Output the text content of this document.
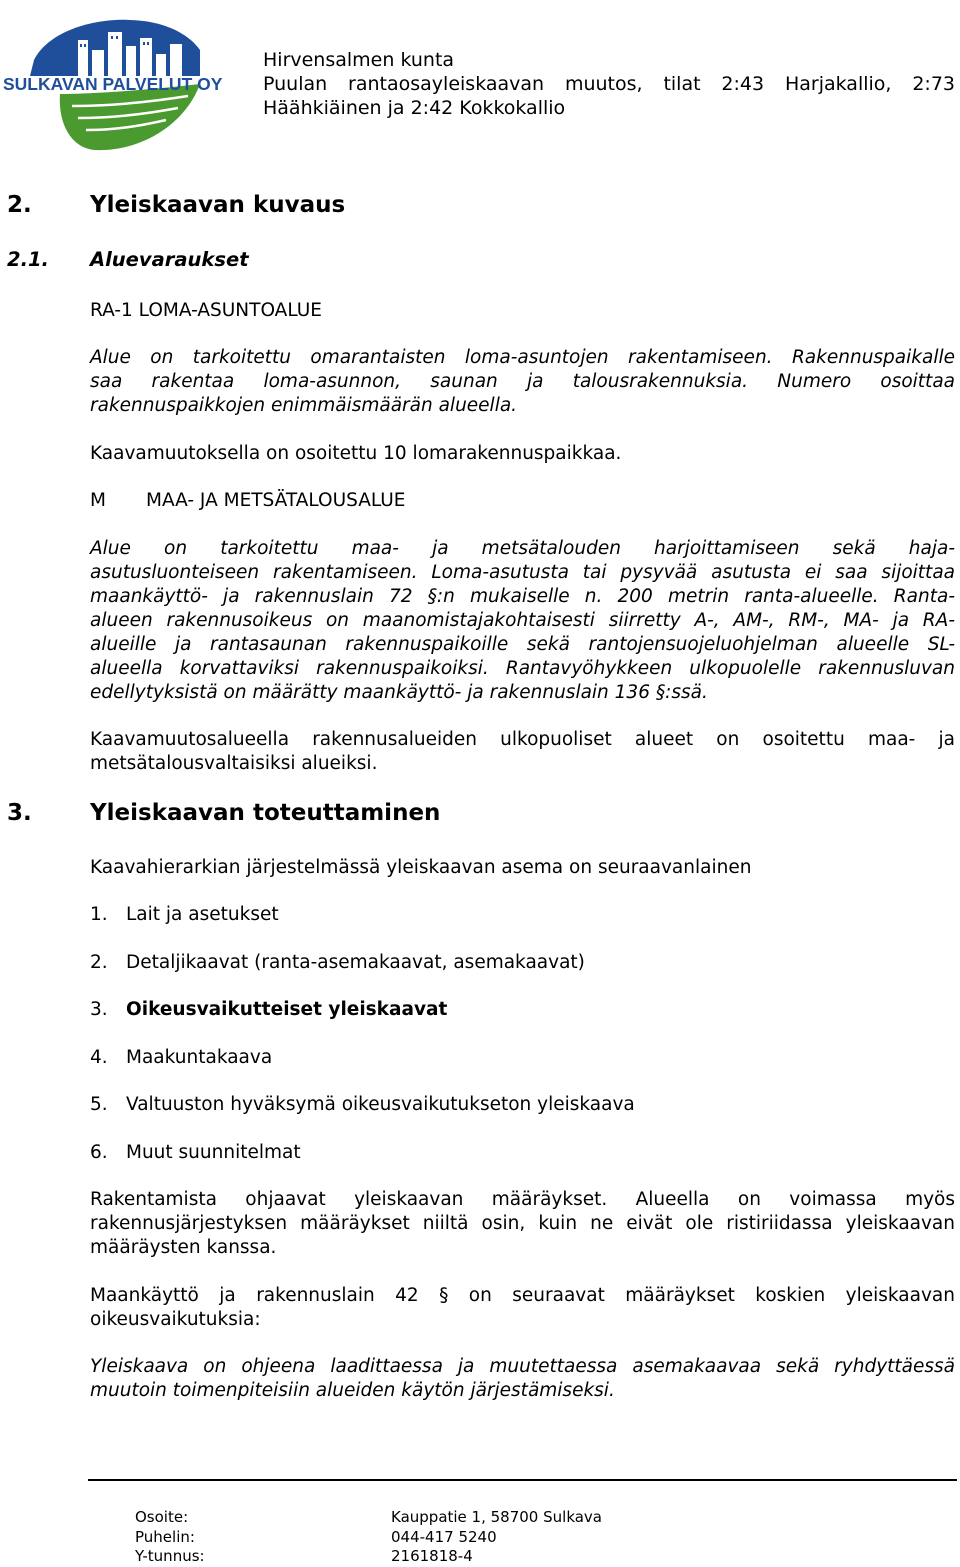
SULKAVAN PALVELUT OY
Hirvensalmen kunta
Puulan rantaosayleiskaavan muutos, tilat 2:43 Harjakallio, 2:73
Häähkiäinen ja 2:42 Kokkokallio
2.	Yleiskaavan kuvaus
2.1. Aluevaraukset
RA-1 LOMA-ASUNTOALUE
Alue on tarkoitettu omarantaisten loma-asuntojen rakentamiseen. Rakennuspaikalle
saa rakentaa loma-asunnon, saunan ja talousrakennuksia. Numero osoittaa
rakennuspaikkojen enimmäismäärän alueella.
Kaavamuutoksella on osoitettu 10 lomarakennuspaikkaa.
M MAA- JA METSÄTALOUSALUE
Alue on tarkoitettu maa- ja metsätalouden harjoittamiseen sekä haja-
asutusluonteiseen rakentamiseen. Loma-asutusta tai pysyvää asutusta ei saa sijoittaa
maankäyttö- ja rakennuslain 72 §:n mukaiselle n. 200 metrin ranta-alueelle. Ranta-
alueen rakennusoikeus on maanomistajakohtaisesti siirretty A-, AM-, RM-, MA- ja RA-
alueille ja rantasaunan rakennuspaikoille sekä rantojensuojeluohjelman alueelle SL-
alueella korvattaviksi rakennuspaikoiksi. Rantavyöhykkeen ulkopuolelle rakennusluvan
edellytyksistä on määrätty maankäyttö- ja rakennuslain 136 §:ssä.
Kaavamuutosalueella rakennusalueiden ulkopuoliset alueet on osoitettu maa- ja
metsätalousvaltaisiksi alueiksi.
3.	Yleiskaavan toteuttaminen
Kaavahierarkian järjestelmässä yleiskaavan asema on seuraavanlainen
1. Lait ja asetukset
2. Detaljikaavat (ranta-asemakaavat, asemakaavat)
3. Oikeusvaikutteiset yleiskaavat
4. Maakuntakaava
5. Valtuuston hyväksymä oikeusvaikutukseton yleiskaava
6. Muut suunnitelmat
Rakentamista ohjaavat yleiskaavan määräykset. Alueella on voimassa myös
rakennusjärjestyksen määräykset niiltä osin, kuin ne eivät ole ristiriidassa yleiskaavan
määräysten kanssa.
Maankäyttö ja rakennuslain 42 § on seuraavat määräykset koskien yleiskaavan
oikeusvaikutuksia:
Yleiskaava on ohjeena laadittaessa ja muutettaessa asemakaavaa sekä ryhdyttäessä
muutoin toimenpiteisiin alueiden käytön järjestämiseksi.
Osoite:	Kauppatie 1, 58700 Sulkava
Puhelin:	044-417 5240
Y-tunnus:	2161818-4
